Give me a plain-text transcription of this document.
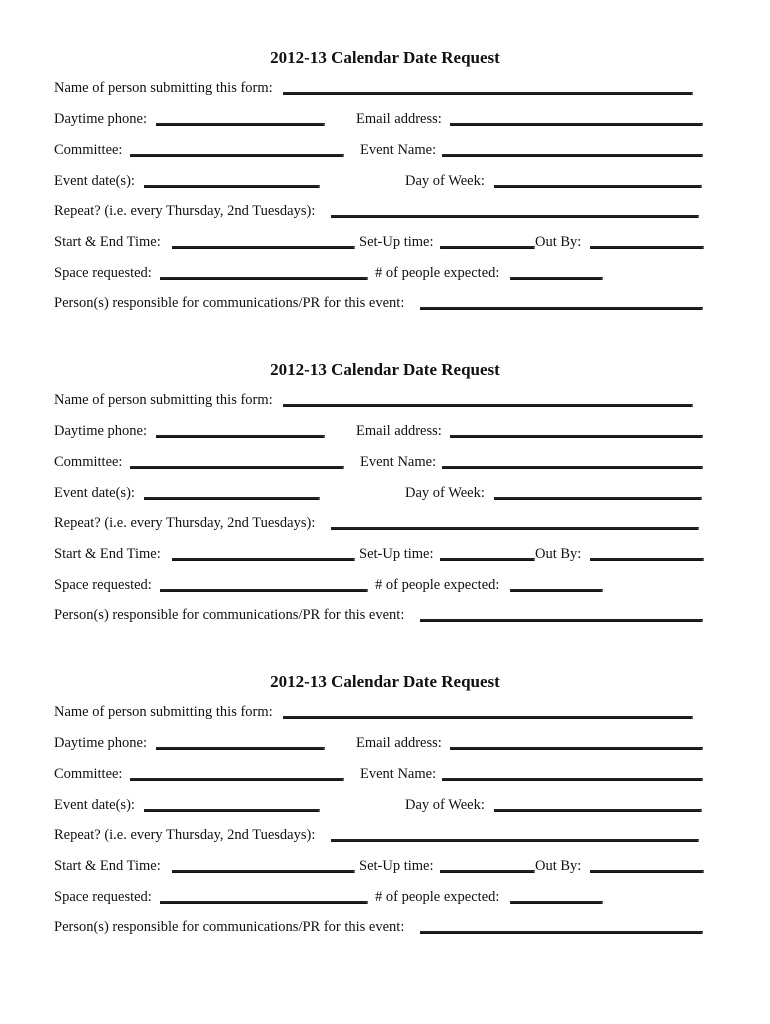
2012-13 Calendar Date Request
Name of person submitting this form:
Daytime phone:	Email address:
Committee:	Event Name:
Event date(s):	Day of Week:
Repeat? (i.e. every Thursday, 2nd Tuesdays):
Start & End Time:	Set-Up time:	Out By:
Space requested:	# of people expected:
Person(s) responsible for communications/PR for this event:
2012-13 Calendar Date Request
Name of person submitting this form:
Daytime phone:	Email address:
Committee:	Event Name:
Event date(s):	Day of Week:
Repeat? (i.e. every Thursday, 2nd Tuesdays):
Start & End Time:	Set-Up time:	Out By:
Space requested:	# of people expected:
Person(s) responsible for communications/PR for this event:
2012-13 Calendar Date Request
Name of person submitting this form:
Daytime phone:	Email address:
Committee:	Event Name:
Event date(s):	Day of Week:
Repeat? (i.e. every Thursday, 2nd Tuesdays):
Start & End Time:	Set-Up time:	Out By:
Space requested:	# of people expected:
Person(s) responsible for communications/PR for this event:
